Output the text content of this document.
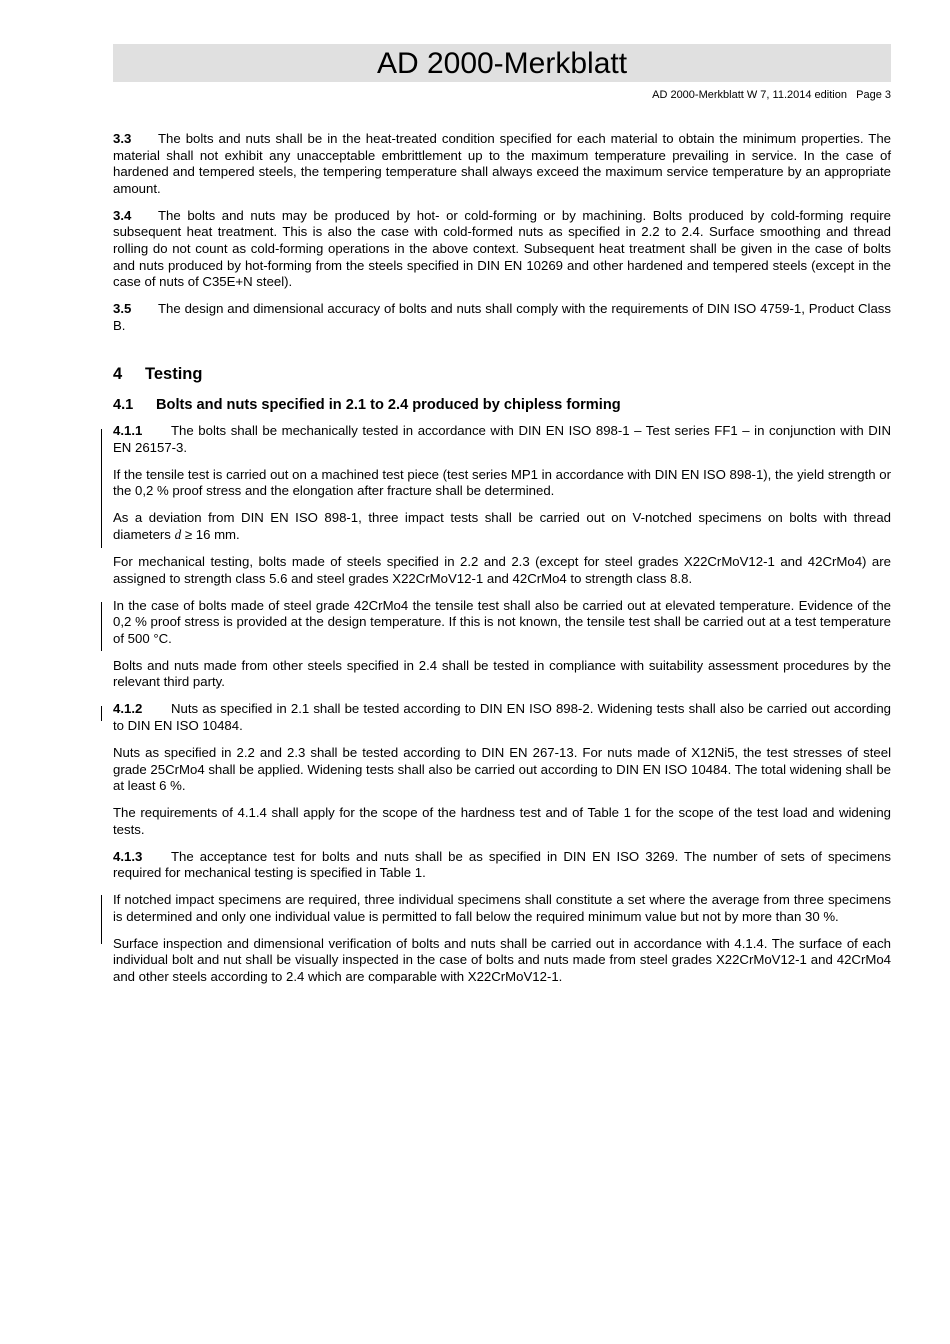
AD 2000-Merkblatt
AD 2000-Merkblatt W 7, 11.2014 edition   Page 3

3.3 The bolts and nuts shall be in the heat-treated condition specified for each material to obtain the minimum properties. The material shall not exhibit any unacceptable embrittlement up to the maximum temperature prevailing in service. In the case of hardened and tempered steels, the tempering temperature shall always exceed the maximum service temperature by an appropriate amount.

3.4 The bolts and nuts may be produced by hot- or cold-forming or by machining. Bolts produced by cold-forming require subsequent heat treatment. This is also the case with cold-formed nuts as specified in 2.2 to 2.4. Surface smoothing and thread rolling do not count as cold-forming operations in the above context. Subsequent heat treatment shall be given in the case of bolts and nuts produced by hot-forming from the steels specified in DIN EN 10269 and other hardened and tempered steels (except in the case of nuts of C35E+N steel).

3.5 The design and dimensional accuracy of bolts and nuts shall comply with the requirements of DIN ISO 4759-1, Product Class B.

4 Testing
4.1 Bolts and nuts specified in 2.1 to 2.4 produced by chipless forming

4.1.1 The bolts shall be mechanically tested in accordance with DIN EN ISO 898-1 – Test series FF1 – in conjunction with DIN EN 26157-3.

If the tensile test is carried out on a machined test piece (test series MP1 in accordance with DIN EN ISO 898-1), the yield strength or the 0,2 % proof stress and the elongation after fracture shall be determined.

As a deviation from DIN EN ISO 898-1, three impact tests shall be carried out on V-notched specimens on bolts with thread diameters d ≥ 16 mm.

For mechanical testing, bolts made of steels specified in 2.2 and 2.3 (except for steel grades X22CrMoV12-1 and 42CrMo4) are assigned to strength class 5.6 and steel grades X22CrMoV12-1 and 42CrMo4 to strength class 8.8.

In the case of bolts made of steel grade 42CrMo4 the tensile test shall also be carried out at elevated temperature. Evidence of the 0,2 % proof stress is provided at the design temperature. If this is not known, the tensile test shall be carried out at a test temperature of 500 °C.

Bolts and nuts made from other steels specified in 2.4 shall be tested in compliance with suitability assessment procedures by the relevant third party.

4.1.2 Nuts as specified in 2.1 shall be tested according to DIN EN ISO 898-2. Widening tests shall also be carried out according to DIN EN ISO 10484.

Nuts as specified in 2.2 and 2.3 shall be tested according to DIN EN 267-13. For nuts made of X12Ni5, the test stresses of steel grade 25CrMo4 shall be applied. Widening tests shall also be carried out according to DIN EN ISO 10484. The total widening shall be at least 6 %.

The requirements of 4.1.4 shall apply for the scope of the hardness test and of Table 1 for the scope of the test load and widening tests.

4.1.3 The acceptance test for bolts and nuts shall be as specified in DIN EN ISO 3269. The number of sets of specimens required for mechanical testing is specified in Table 1.

If notched impact specimens are required, three individual specimens shall constitute a set where the average from three specimens is determined and only one individual value is permitted to fall below the required minimum value but not by more than 30 %.

Surface inspection and dimensional verification of bolts and nuts shall be carried out in accordance with 4.1.4. The surface of each individual bolt and nut shall be visually inspected in the case of bolts and nuts made from steel grades X22CrMoV12-1 and 42CrMo4 and other steels according to 2.4 which are comparable with X22CrMoV12-1.
